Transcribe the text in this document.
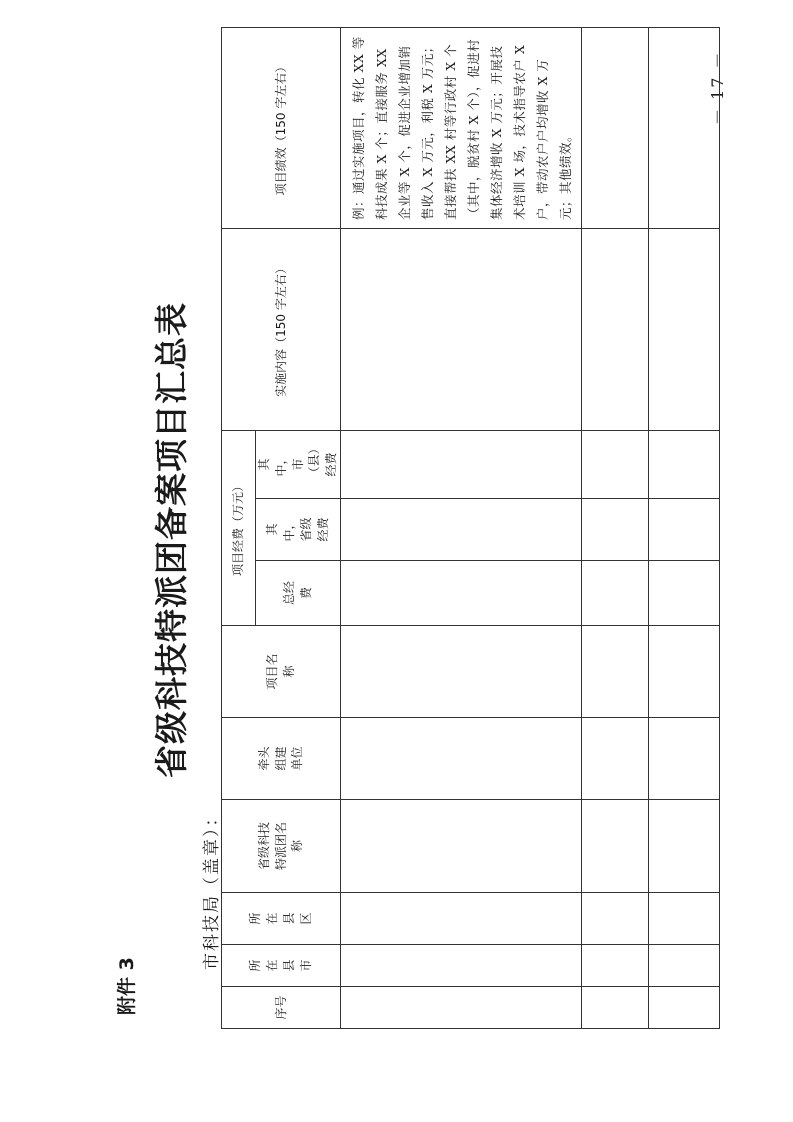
附件 3
省级科技特派团备案项目汇总表
市科技局（盖章）：
－ 17 －
序号	所在县市	所在县区	省级科技特派团名称	牵头组建单位	项目名称	项目经费（万元）			实施内容（150 字左右）	项目绩效（150 字左右）
						总经费	其中，省级经费	其中，市（县）经费		

										例：通过实施项目，转化 XX 等科技成果 X 个；直接服务 XX 企业等 X 个，促进企业增加销售收入 X 万元，利税 X 万元；直接帮扶 XX 村等行政村 X 个（其中，脱贫村 X 个），促进村集体经济增收 X 万元；开展技术培训 X 场，技术指导农户 X 户，带动农户户均增收 X 万元；其他绩效。
